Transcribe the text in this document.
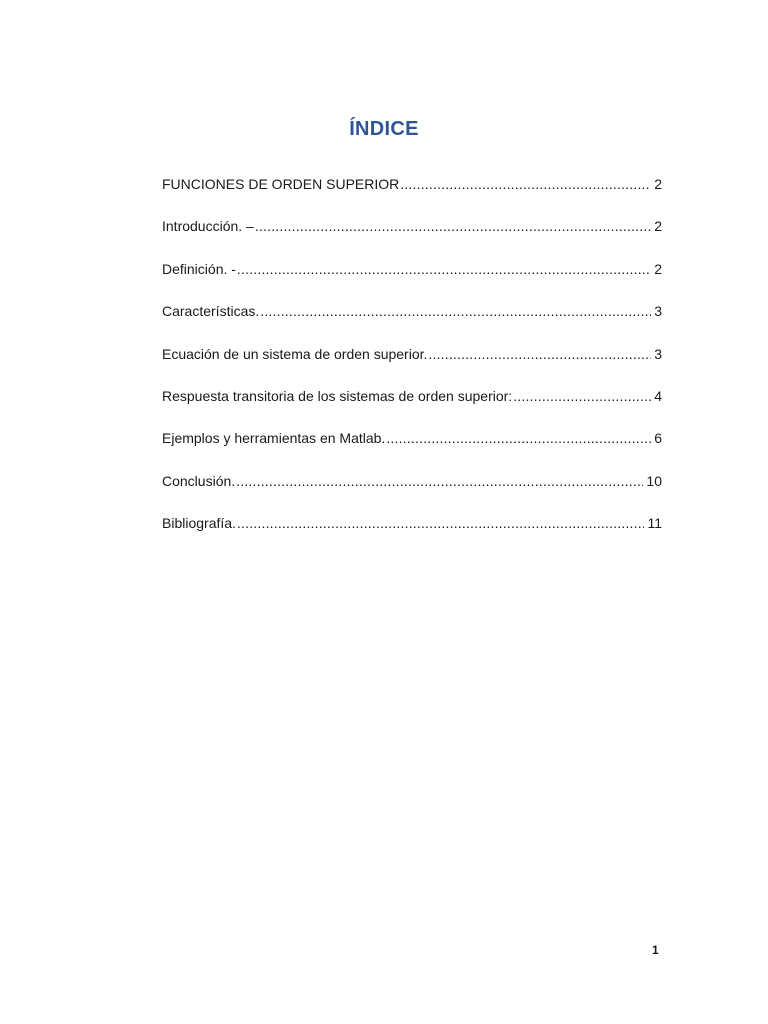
ÍNDICE
FUNCIONES DE ORDEN SUPERIOR .....	2
Introducción. – .....	2
Definición. - .....	2
Características. .....	3
Ecuación de un sistema de orden superior. .....	3
Respuesta transitoria de los sistemas de orden superior: .....	4
Ejemplos y herramientas en Matlab. .....	6
Conclusión. .....	10
Bibliografía. .....	11
1
